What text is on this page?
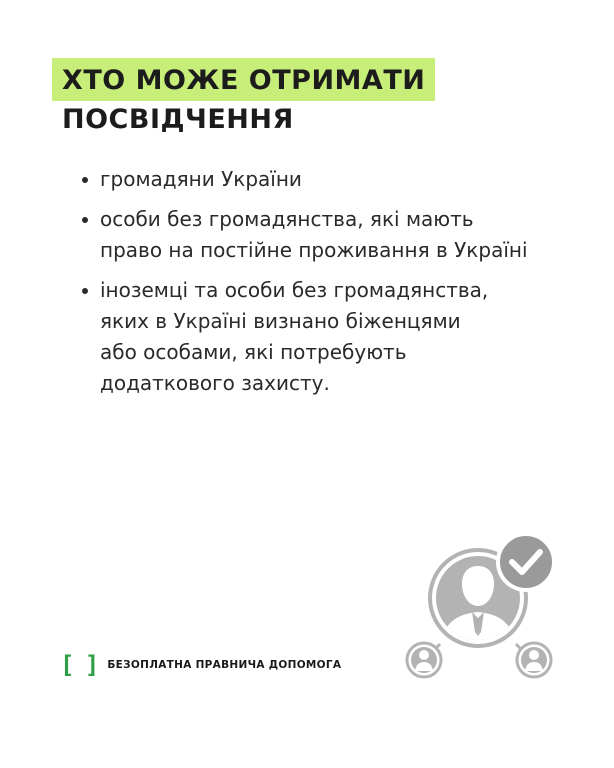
ХТО МОЖЕ ОТРИМАТИ
ПОСВІДЧЕННЯ
громадяни України
особи без громадянства, які мають
право на постійне проживання в Україні
іноземці та особи без громадянства,
яких в Україні визнано біженцями
або особами, які потребують
додаткового захисту.
[ ] БЕЗОПЛАТНА ПРАВНИЧА ДОПОМОГА
